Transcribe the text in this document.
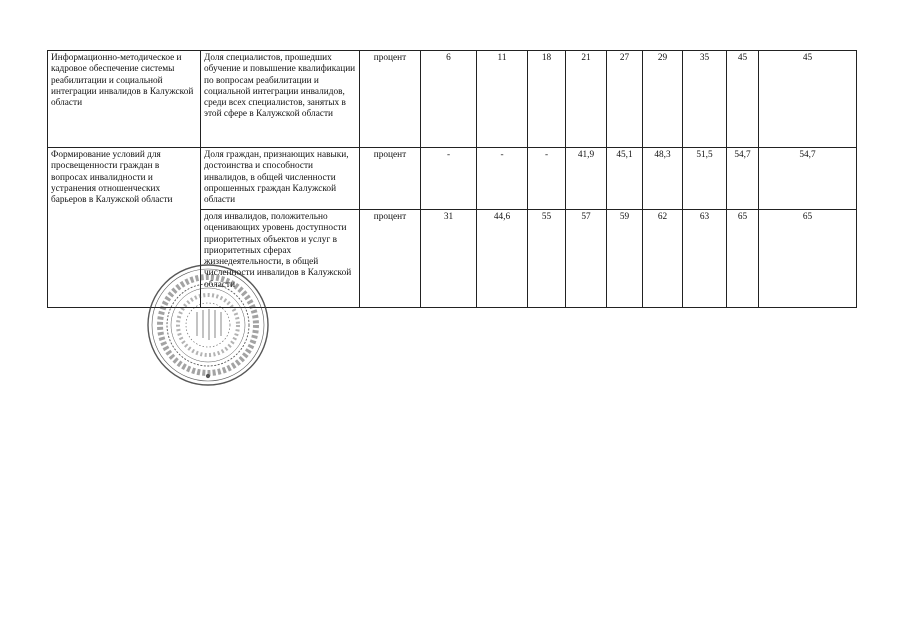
Информационно-методическое и кадровое обеспечение системы реабилитации и социальной интеграции инвалидов в Калужской области	Доля специалистов, прошедших обучение и повышение квалификации по вопросам реабилитации и социальной интеграции инвалидов, среди всех специалистов, занятых в этой сфере в Калужской области	процент	6	11	18	21	27	29	35	45	45
Формирование условий для просвещенности граждан в вопросах инвалидности и устранения отношенческих барьеров в Калужской области	Доля граждан, признающих навыки, достоинства и способности инвалидов, в общей численности опрошенных граждан Калужской области	процент	-	-	-	41,9	45,1	48,3	51,5	54,7	54,7
	доля инвалидов, положительно оценивающих уровень доступности приоритетных объектов и услуг в приоритетных сферах жизнедеятельности, в общей численности инвалидов в Калужской области	процент	31	44,6	55	57	59	62	63	65	65
